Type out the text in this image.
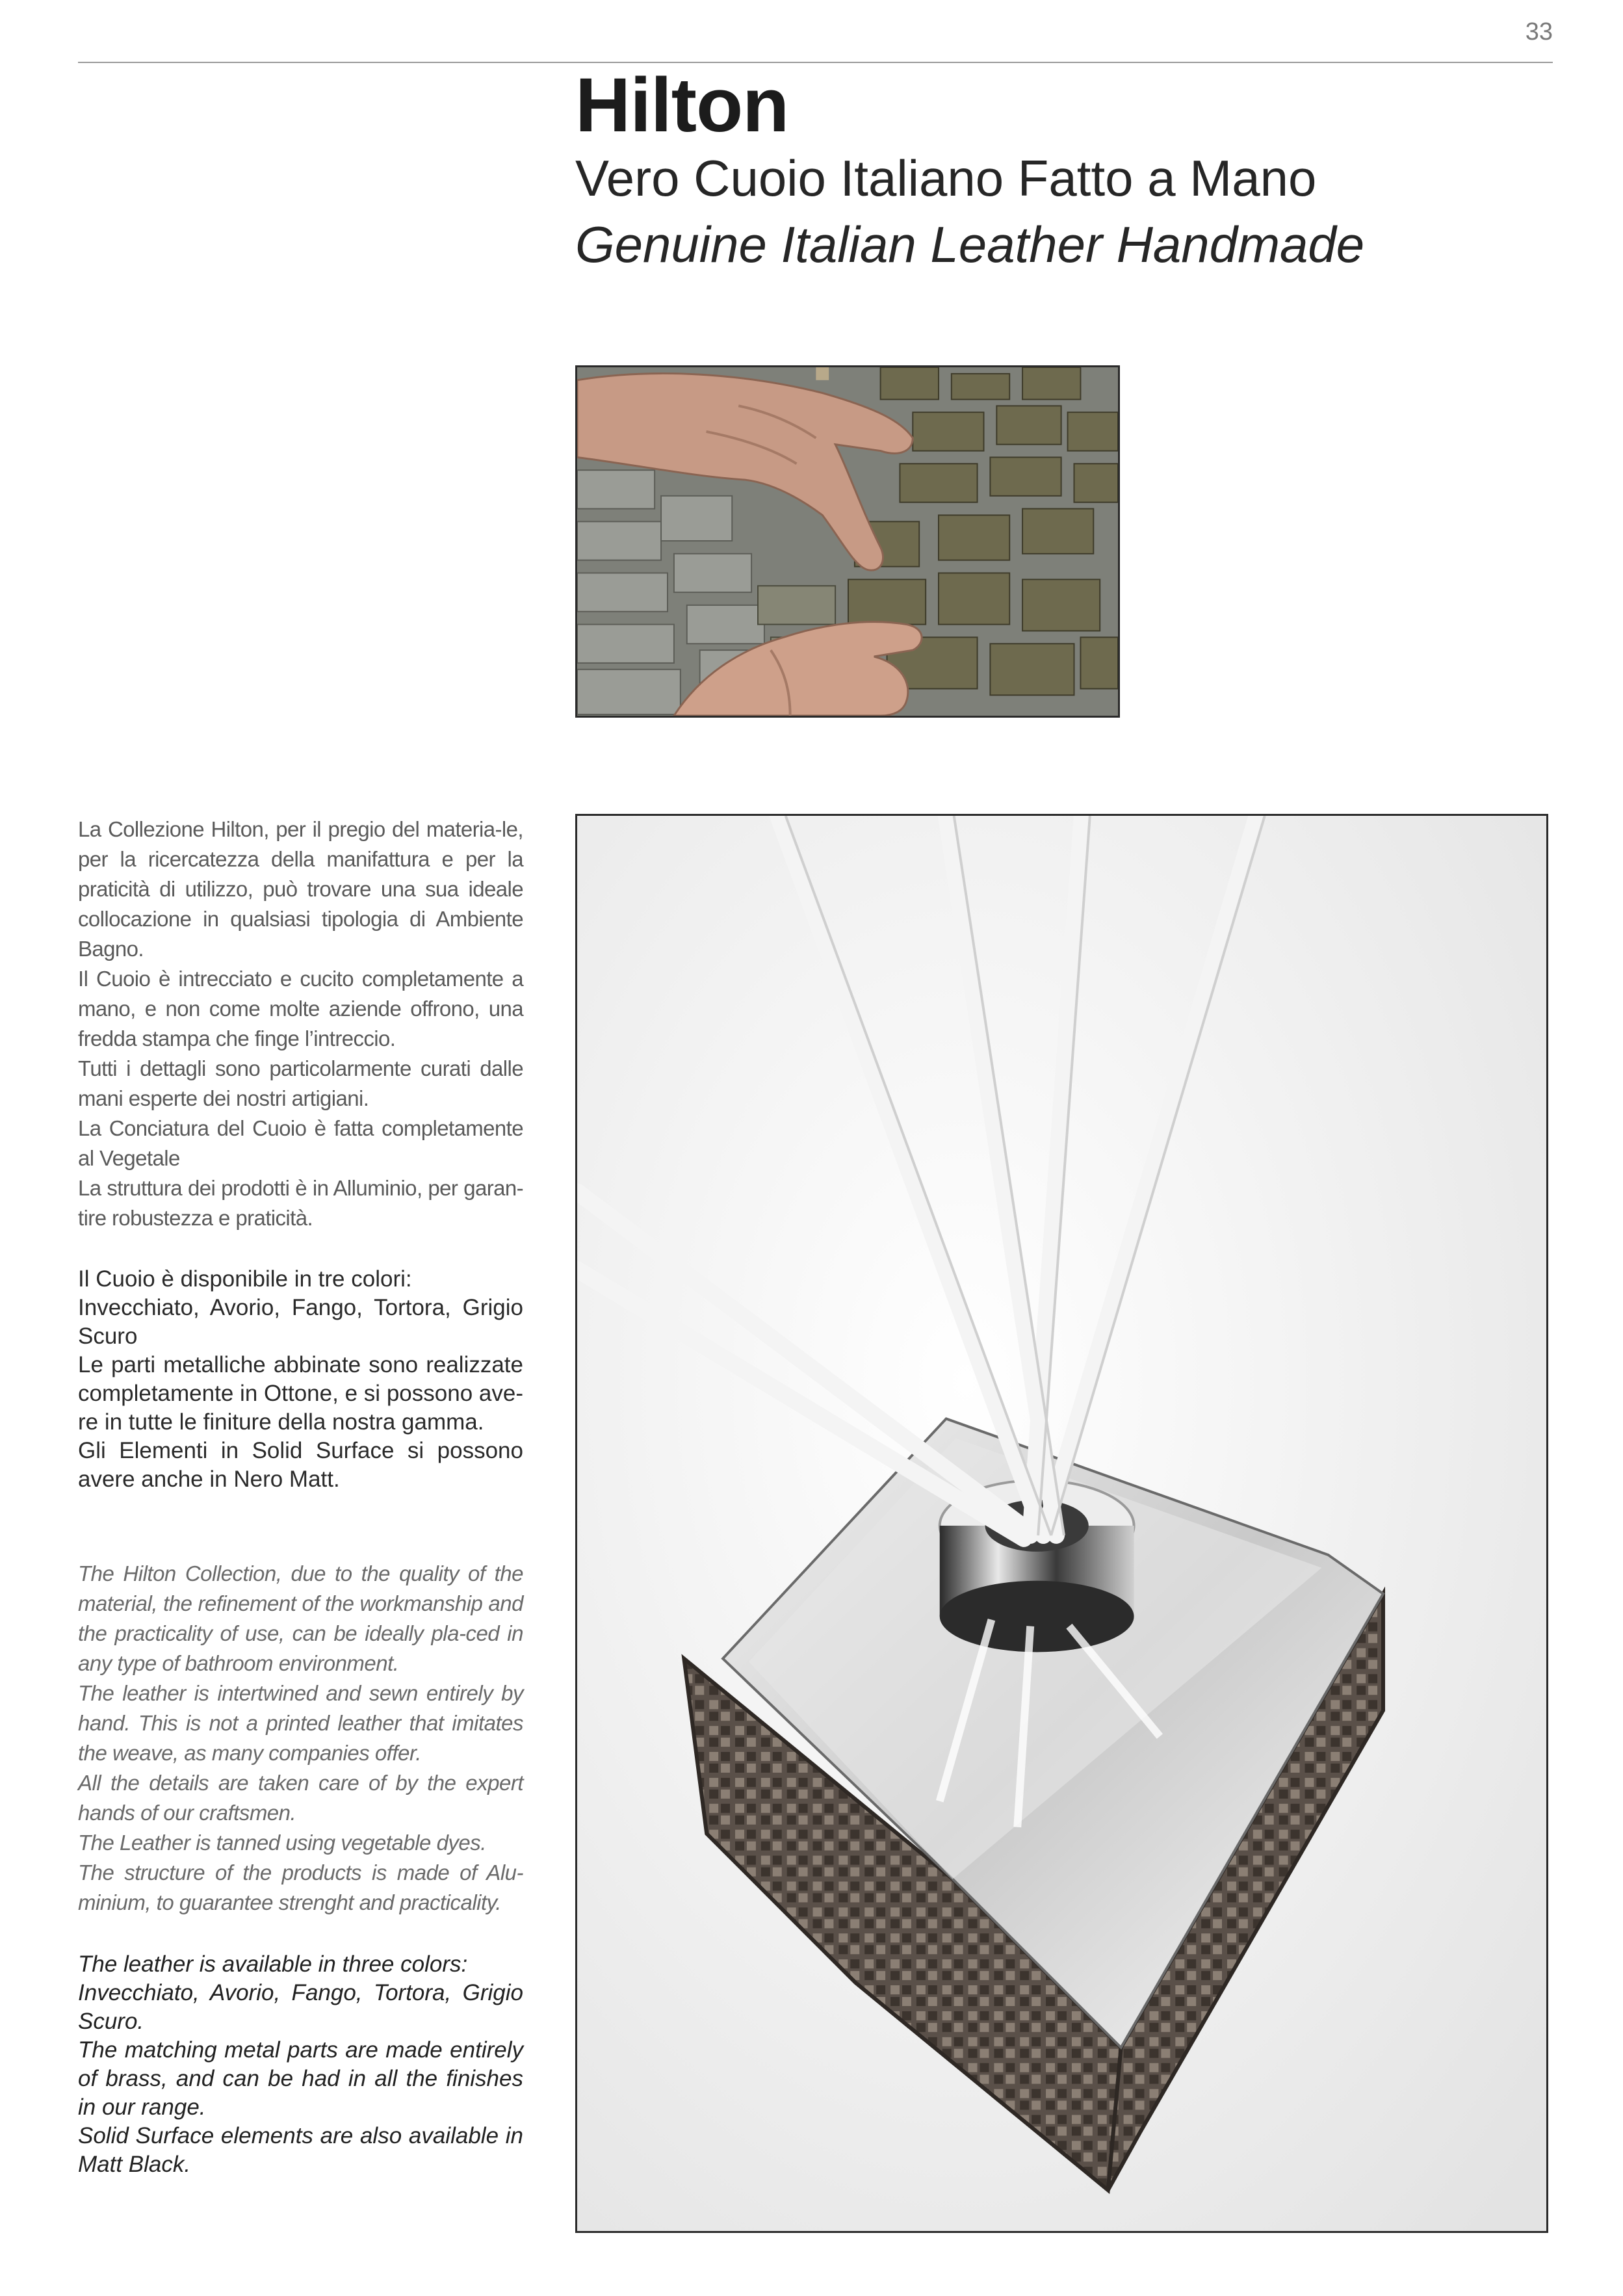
33
Hilton
Vero Cuoio Italiano Fatto a Mano
Genuine Italian Leather Handmade

La Collezione Hilton, per il pregio del materia-le, per la ricercatezza della manifattura e per la praticità di utilizzo, può trovare una sua ideale collocazione in qualsiasi tipologia di Ambiente Bagno.

Il Cuoio è intrecciato e cucito completamente a mano, e non come molte aziende offrono, una fredda stampa che finge l’intreccio.

Tutti i dettagli sono particolarmente curati dalle mani esperte dei nostri artigiani.

La Conciatura del Cuoio è fatta completamente al Vegetale

La struttura dei prodotti è in Alluminio, per garan-tire robustezza e praticità.

Il Cuoio è disponibile in tre colori:

Invecchiato, Avorio, Fango, Tortora, Grigio Scuro

Le parti metalliche abbinate sono realizzate completamente in Ottone, e si possono ave-re in tutte le finiture della nostra gamma.

Gli Elementi in Solid Surface si possono avere anche in Nero Matt.

The Hilton Collection, due to the quality of the material, the refinement of the workmanship and the practicality of use, can be ideally pla-ced in any type of bathroom environment.

The leather is intertwined and sewn entirely by hand. This is not a printed leather that imitates the weave, as many companies offer.

All the details are taken care of by the expert hands of our craftsmen.

The Leather is tanned using vegetable dyes.

The structure of the products is made of Alu-minium, to guarantee strenght and practicality.

The leather is available in three colors:

Invecchiato, Avorio, Fango, Tortora, Grigio Scuro.

The matching metal parts are made entirely of brass, and can be had in all the finishes in our range.

Solid Surface elements are also available in Matt Black.
